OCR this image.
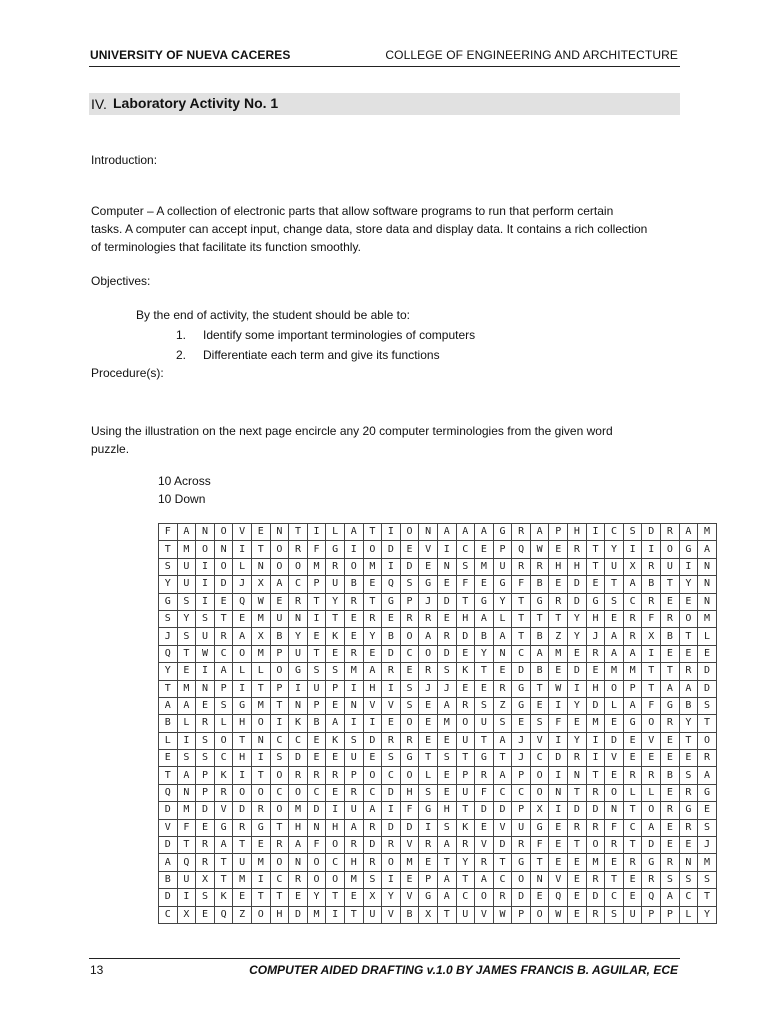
UNIVERSITY OF NUEVA CACERES	COLLEGE OF ENGINEERING AND ARCHITECTURE
IV. Laboratory Activity No. 1
Introduction:
Computer – A collection of electronic parts that allow software programs to run that perform certain
tasks. A computer can accept input, change data, store data and display data. It contains a rich collection
of terminologies that facilitate its function smoothly.
Objectives:
By the end of activity, the student should be able to:
1. Identify some important terminologies of computers
2. Differentiate each term and give its functions
Procedure(s):
Using the illustration on the next page encircle any 20 computer terminologies from the given word
puzzle.
10 Across
10 Down
F	A	N	O	V	E	N	T	I	L	A	T	I	O	N	A	A	A	G	R	A	P	H	I	C	S	D	R	A	M
T	M	O	N	I	T	O	R	F	G	I	O	D	E	V	I	C	E	P	Q	W	E	R	T	Y	I	I	O	G	A
S	U	I	O	L	N	O	O	M	R	O	M	I	D	E	N	S	M	U	R	R	H	H	T	U	X	R	U	I	N
Y	U	I	D	J	X	A	C	P	U	B	E	Q	S	G	E	F	E	G	F	B	E	D	E	T	A	B	T	Y	N
G	S	I	E	Q	W	E	R	T	Y	R	T	G	P	J	D	T	G	Y	T	G	R	D	G	S	C	R	E	E	N
S	Y	S	T	E	M	U	N	I	T	E	R	E	R	R	E	H	A	L	T	T	T	Y	H	E	R	F	R	O	M
J	S	U	R	A	X	B	Y	E	K	E	Y	B	O	A	R	D	B	A	T	B	Z	Y	J	A	R	X	B	T	L
Q	T	W	C	O	M	P	U	T	E	R	E	D	C	O	D	E	Y	N	C	A	M	E	R	A	A	I	E	E	E
Y	E	I	A	L	L	O	G	S	S	M	A	R	E	R	S	K	T	E	D	B	E	D	E	M	M	T	T	R	D
T	M	N	P	I	T	P	I	U	P	I	H	I	S	J	J	E	E	R	G	T	W	I	H	O	P	T	A	A	D
A	A	E	S	G	M	T	N	P	E	N	V	V	S	E	A	R	S	Z	G	E	I	Y	D	L	A	F	G	B	S
B	L	R	L	H	O	I	K	B	A	I	I	E	O	E	M	O	U	S	E	S	F	E	M	E	G	O	R	Y	T
L	I	S	O	T	N	C	C	E	K	S	D	R	R	E	E	U	T	A	J	V	I	Y	I	D	E	V	E	T	O
E	S	S	C	H	I	S	D	E	E	U	E	S	G	T	S	T	G	T	J	C	D	R	I	V	E	E	E	E	R
T	A	P	K	I	T	O	R	R	R	P	O	C	O	L	E	P	R	A	P	O	I	N	T	E	R	R	B	S	A
Q	N	P	R	O	O	C	O	C	E	R	C	D	H	S	E	U	F	C	C	O	N	T	R	O	L	L	E	R	G
D	M	D	V	D	R	O	M	D	I	U	A	I	F	G	H	T	D	D	P	X	I	D	D	N	T	O	R	G	E
V	F	E	G	R	G	T	H	N	H	A	R	D	D	I	S	K	E	V	U	G	E	R	R	F	C	A	E	R	S
D	T	R	A	T	E	R	A	F	O	R	D	R	V	R	A	R	V	D	R	F	E	T	O	R	T	D	E	E	J
A	Q	R	T	U	M	O	N	O	C	H	R	O	M	E	T	Y	R	T	G	T	E	E	M	E	R	G	R	N	M
B	U	X	T	M	I	C	R	O	O	M	S	I	E	P	A	T	A	C	O	N	V	E	R	T	E	R	S	S	S
D	I	S	K	E	T	T	E	Y	T	E	X	Y	V	G	A	C	O	R	D	E	Q	E	D	C	E	Q	A	C	T
C	X	E	Q	Z	O	H	D	M	I	T	U	V	B	X	T	U	V	W	P	O	W	E	R	S	U	P	P	L	Y
13	COMPUTER AIDED DRAFTING v.1.0 BY JAMES FRANCIS B. AGUILAR, ECE
